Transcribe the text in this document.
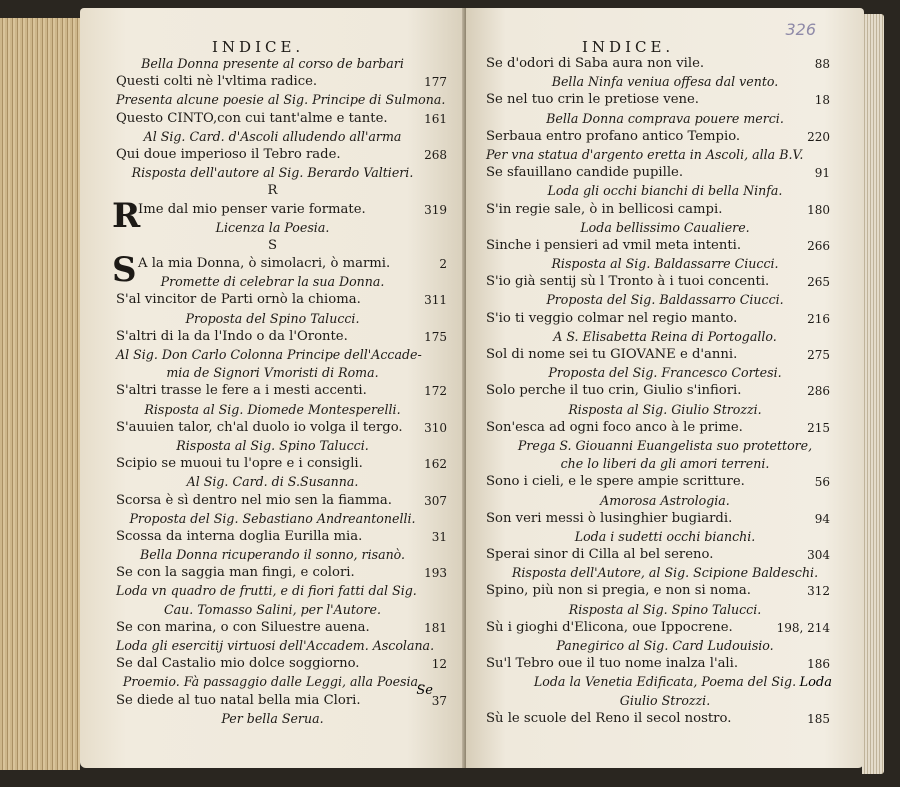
INDICE.
Bella Donna presente al corso de barbari
Questi colti nè l'vltima radice.	177
Presenta alcune poesie al Sig. Principe di Sulmona.
Questo CINTO,con cui tant'alme e tante.	161
Al Sig. Card. d'Ascoli alludendo all'arma
Qui doue imperioso il Tebro rade.	268
Risposta dell'autore al Sig. Berardo Valtieri.
R
R
Ime dal mio penser varie formate.	319
Licenza la Poesia.
S
S A la mia Donna, ò simolacri, ò marmi.	2
Promette di celebrar la sua Donna.
S'al vincitor de Parti ornò la chioma.	311
Proposta del Spino Talucci.
S'altri di la da l'Indo o da l'Oronte.	175
Al Sig. Don Carlo Colonna Principe dell'Accade-
mia de Signori Vmoristi di Roma.
S'altri trasse le fere a i mesti accenti.	172
Risposta al Sig. Diomede Montesperelli.
S'auuien talor, ch'al duolo io volga il tergo. 310
Risposta al Sig. Spino Talucci.
Scipio se muoui tu l'opre e i consigli.	162
Al Sig. Card. di S.Susanna.
Scorsa è sì dentro nel mio sen la fiamma.	307
Proposta del Sig. Sebastiano Andreantonelli.
Scossa da interna doglia Eurilla mia.	31
Bella Donna ricuperando il sonno, risanò.
Se con la saggia man fingi, e colori.	193
Loda vn quadro de frutti, e di fiori fatti dal Sig.
Cau. Tomasso Salini, per l'Autore.
Se con marina, o con Siluestre auena.	181
Loda gli esercitij virtuosi dell'Accadem. Ascolana.
Se dal Castalio mio dolce soggiorno.	12
Proemio. Fà passaggio dalle Leggi, alla Poesia.
Se diede al tuo natal bella mia Clori.	37
Per bella Serua.
Se
326
INDICE.
Se d'odori di Saba aura non vile.	88
Bella Ninfa veniua offesa dal vento.
Se nel tuo crin le pretiose vene.	18
Bella Donna comprava pouere merci.
Serbaua entro profano antico Tempio.	220
Per vna statua d'argento eretta in Ascoli, alla B.V.
Se sfauillano candide pupille.	91
Loda gli occhi bianchi di bella Ninfa.
S'in regie sale, ò in bellicosi campi.	180
Loda bellissimo Caualiere.
Sinche i pensieri ad vmil meta intenti.	266
Risposta al Sig. Baldassarre Ciucci.
S'io già sentij sù l Tronto à i tuoi concenti.	265
Proposta del Sig. Baldassarro Ciucci.
S'io ti veggio colmar nel regio manto.	216
A S. Elisabetta Reina di Portogallo.
Sol di nome sei tu GIOVANE e d'anni.	275
Proposta del Sig. Francesco Cortesi.
Solo perche il tuo crin, Giulio s'infiori.	286
Risposta al Sig. Giulio Strozzi.
Son'esca ad ogni foco anco à le prime.	215
Prega S. Giouanni Euangelista suo protettore,
che lo liberi da gli amori terreni.
Sono i cieli, e le spere ampie scritture.	56
Amorosa Astrologia.
Son veri messi ò lusinghier bugiardi.	94
Loda i sudetti occhi bianchi.
Sperai sinor di Cilla al bel sereno.	304
Risposta dell'Autore, al Sig. Scipione Baldeschi.
Spino, più non si pregia, e non si noma.	312
Risposta al Sig. Spino Talucci.
Sù i gioghi d'Elicona, oue Ippocrene.	198, 214
Panegirico al Sig. Card Ludouisio.
Su'l Tebro oue il tuo nome inalza l'ali.	186
Loda la Venetia Edificata, Poema del Sig.
Giulio Strozzi.
Sù le scuole del Reno il secol nostro.	185
Loda
